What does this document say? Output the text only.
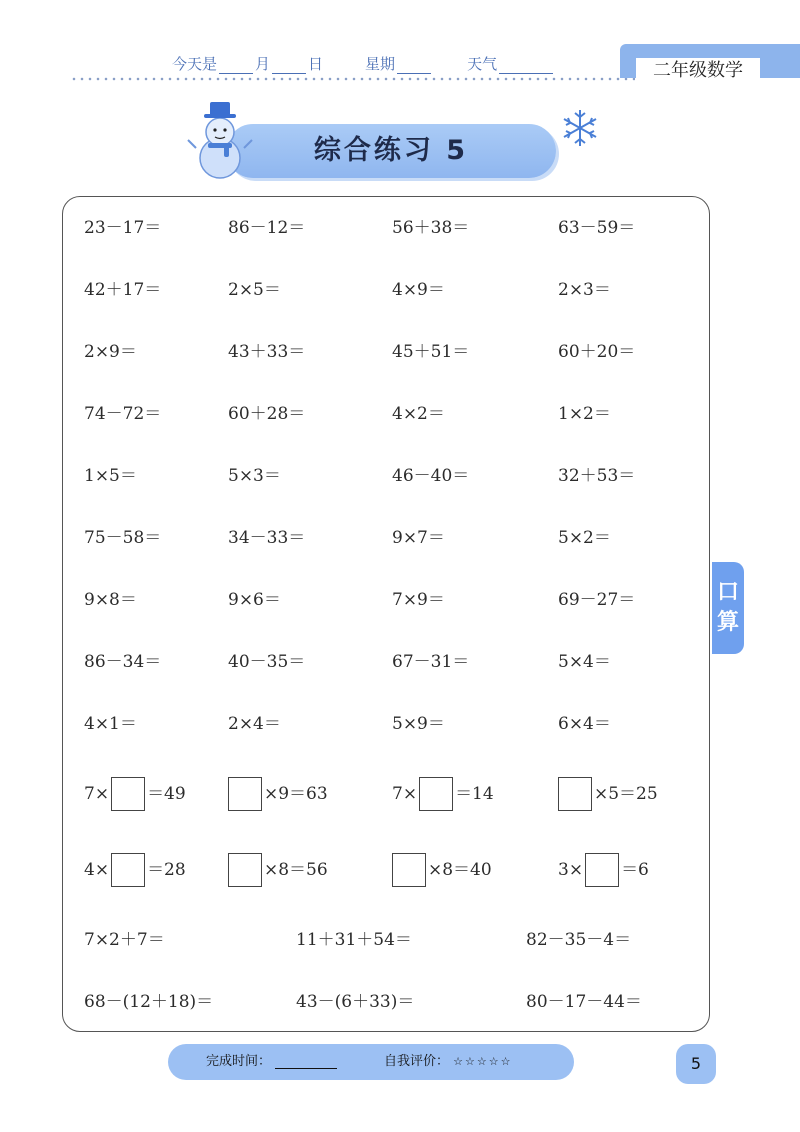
今天是	月	日	星期	天气	二年级数学
综合练习 5
口
算
23－17＝	86－12＝	56＋38＝	63－59＝
42＋17＝	2×5＝	4×9＝	2×3＝
2×9＝	43＋33＝	45＋51＝	60＋20＝
74－72＝	60＋28＝	4×2＝	1×2＝
1×5＝	5×3＝	46－40＝	32＋53＝
75－58＝	34－33＝	9×7＝	5×2＝
9×8＝	9×6＝	7×9＝	69－27＝
86－34＝	40－35＝	67－31＝	5×4＝
4×1＝	2×4＝	5×9＝	6×4＝
7× ＝49	×9＝63	7× ＝14	×5＝25
4× ＝28	×8＝56	×8＝40	3× ＝6
7×2＋7＝	11＋31＋54＝	82－35－4＝
68－(12＋18)＝	43－(6＋33)＝	80－17－44＝
完成时间：	自我评价： ☆☆☆☆☆	5
